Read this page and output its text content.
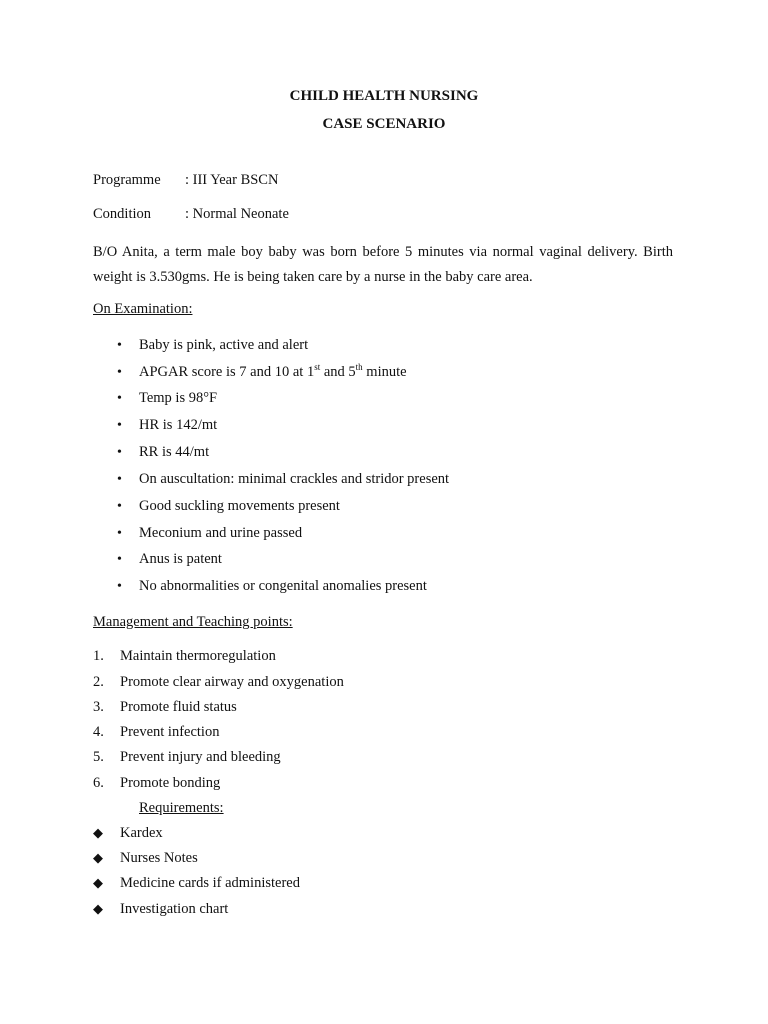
CHILD HEALTH NURSING
CASE SCENARIO
Programme : III Year BSCN
Condition : Normal Neonate
B/O Anita, a term male boy baby was born before 5 minutes via normal vaginal delivery. Birth weight is 3.530gms. He is being taken care by a nurse in the baby care area.
On Examination:
• Baby is pink, active and alert
• APGAR score is 7 and 10 at 1st and 5th minute
• Temp is 98°F
• HR is 142/mt
• RR is 44/mt
• On auscultation: minimal crackles and stridor present
• Good suckling movements present
• Meconium and urine passed
• Anus is patent
• No abnormalities or congenital anomalies present
Management and Teaching points:
1. Maintain thermoregulation
2. Promote clear airway and oxygenation
3. Promote fluid status
4. Prevent infection
5. Prevent injury and bleeding
6. Promote bonding
Requirements:
◆ Kardex
◆ Nurses Notes
◆ Medicine cards if administered
◆ Investigation chart
